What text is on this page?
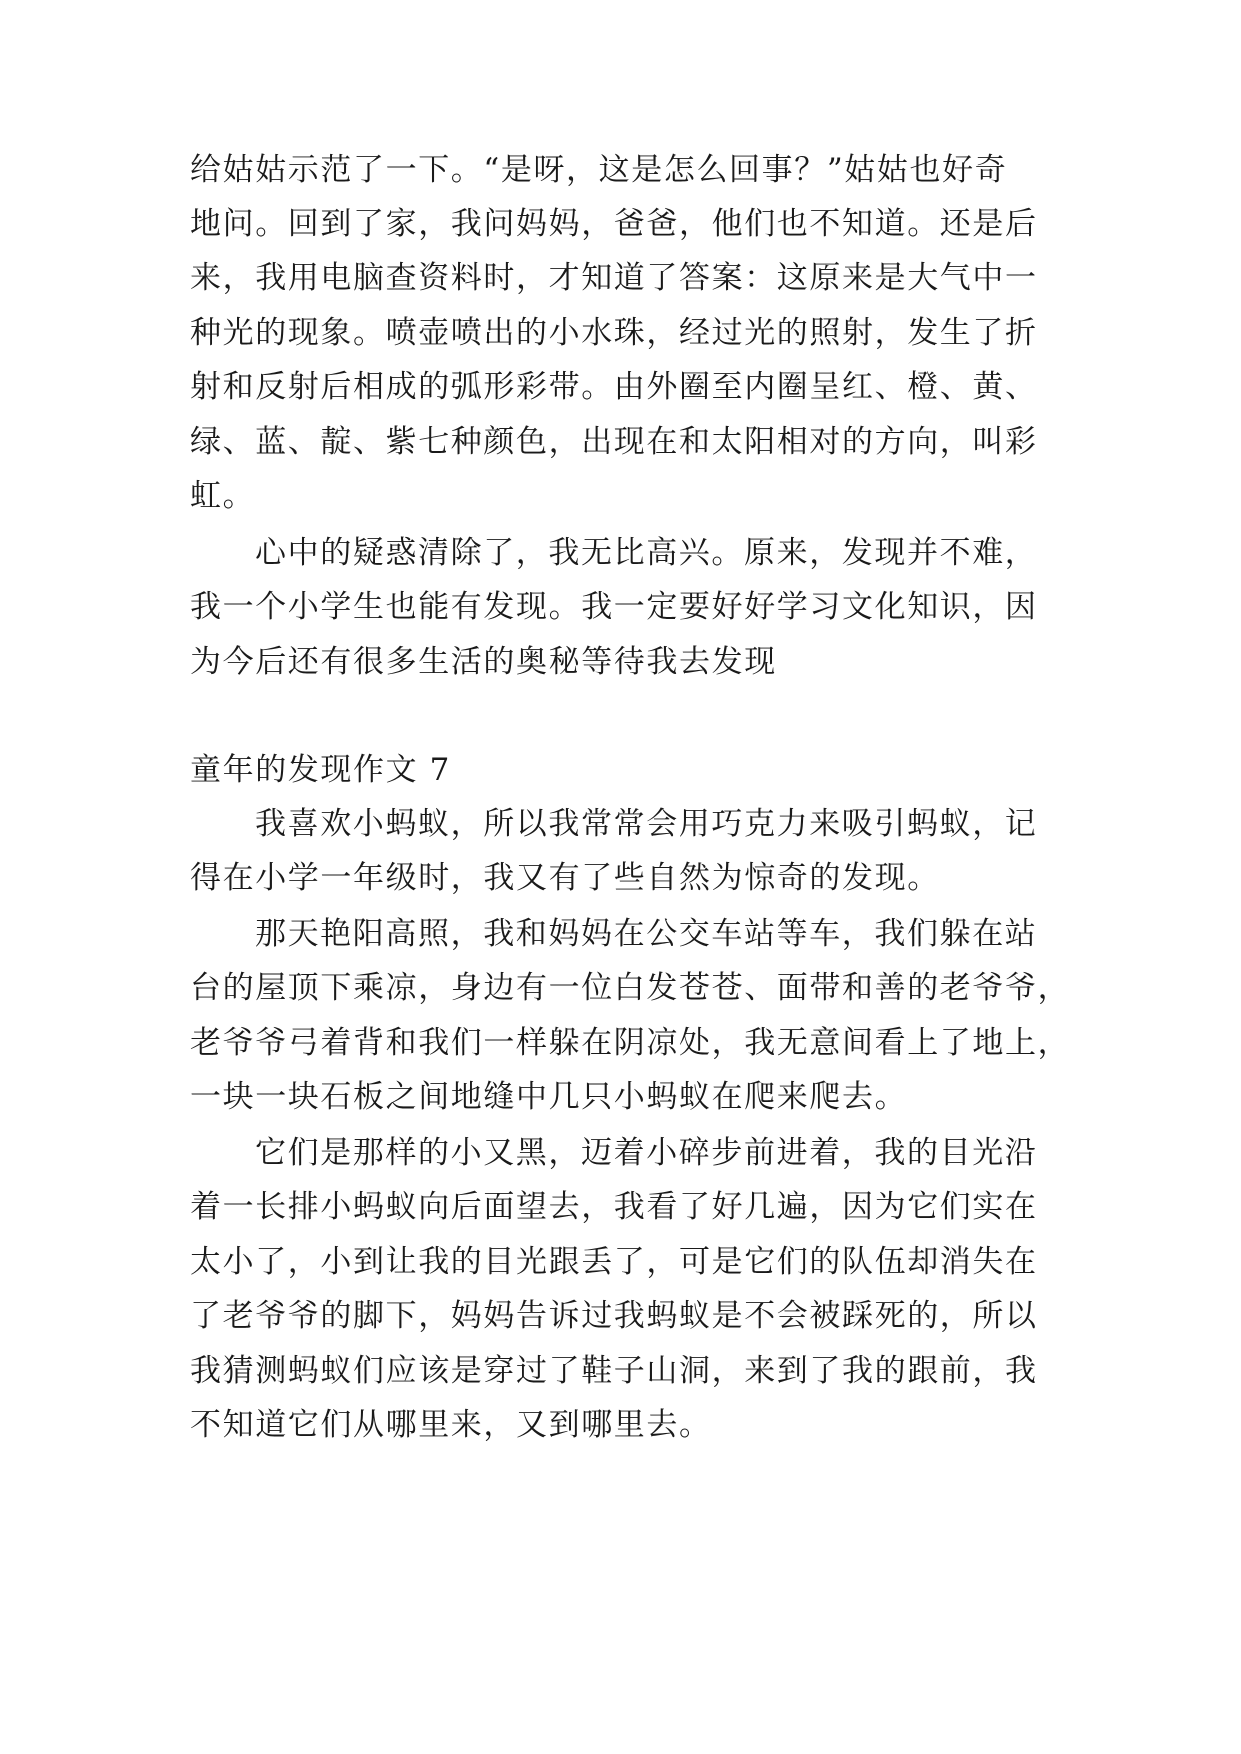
给姑姑示范了一下。“是呀，这是怎么回事？”姑姑也好奇
地问。回到了家，我问妈妈，爸爸，他们也不知道。还是后
来，我用电脑查资料时，才知道了答案：这原来是大气中一
种光的现象。喷壶喷出的小水珠，经过光的照射，发生了折
射和反射后相成的弧形彩带。由外圈至内圈呈红、橙、黄、
绿、蓝、靛、紫七种颜色，出现在和太阳相对的方向，叫彩
虹。
心中的疑惑清除了，我无比高兴。原来，发现并不难，
我一个小学生也能有发现。我一定要好好学习文化知识，因
为今后还有很多生活的奥秘等待我去发现
童年的发现作文 7
我喜欢小蚂蚁，所以我常常会用巧克力来吸引蚂蚁，记
得在小学一年级时，我又有了些自然为惊奇的发现。
那天艳阳高照，我和妈妈在公交车站等车，我们躲在站
台的屋顶下乘凉，身边有一位白发苍苍、面带和善的老爷爷，
老爷爷弓着背和我们一样躲在阴凉处，我无意间看上了地上，
一块一块石板之间地缝中几只小蚂蚁在爬来爬去。
它们是那样的小又黑，迈着小碎步前进着，我的目光沿
着一长排小蚂蚁向后面望去，我看了好几遍，因为它们实在
太小了，小到让我的目光跟丢了，可是它们的队伍却消失在
了老爷爷的脚下，妈妈告诉过我蚂蚁是不会被踩死的，所以
我猜测蚂蚁们应该是穿过了鞋子山洞，来到了我的跟前，我
不知道它们从哪里来，又到哪里去。
